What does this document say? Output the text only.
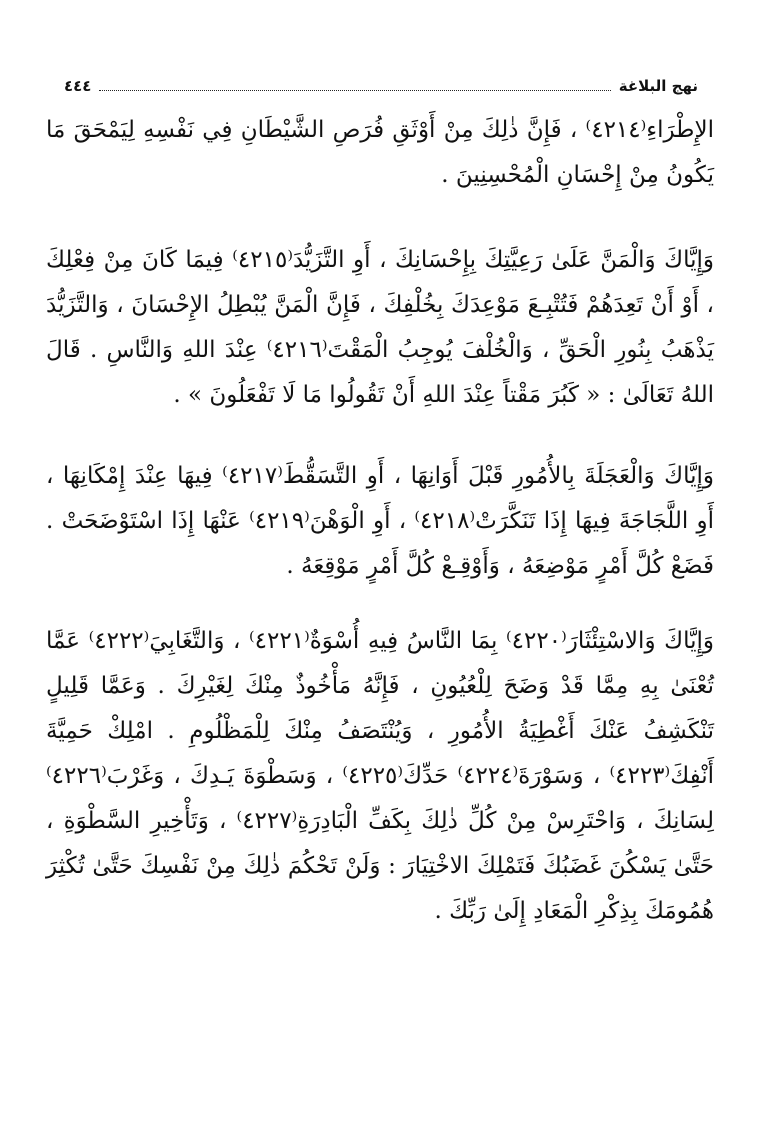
نهج البلاغة
٤٤٤

الإِطْرَاءِ⁽٤٢١٤⁾ ، فَإِنَّ ذٰلِكَ مِنْ أَوْثَقِ فُرَصِ الشَّيْطَانِ فِي نَفْسِهِ لِيَمْحَقَ مَا يَكُونُ مِنْ إِحْسَانِ الْمُحْسِنِينَ .

وَإِيَّاكَ وَالْمَنَّ عَلَىٰ رَعِيَّتِكَ بِإِحْسَانِكَ ، أَوِ التَّزَيُّدَ⁽٤٢١٥⁾ فِيمَا كَانَ مِنْ فِعْلِكَ ، أَوْ أَنْ تَعِدَهُمْ فَتُتْبِـعَ مَوْعِدَكَ بِخُلْفِكَ ، فَإِنَّ الْمَنَّ يُبْطِلُ الإِحْسَانَ ، وَالتَّزَيُّدَ يَذْهَبُ بِنُورِ الْحَقِّ ، وَالْخُلْفَ يُوجِبُ الْمَقْتَ⁽٤٢١٦⁾ عِنْدَ اللهِ وَالنَّاسِ . قَالَ اللهُ تَعَالَىٰ : « كَبُرَ مَقْتاً عِنْدَ اللهِ أَنْ تَقُولُوا مَا لَا تَفْعَلُونَ » .

وَإِيَّاكَ وَالْعَجَلَةَ بِالأُمُورِ قَبْلَ أَوَانِهَا ، أَوِ التَّسَقُّطَ⁽٤٢١٧⁾ فِيهَا عِنْدَ إِمْكَانِهَا ، أَوِ اللَّجَاجَةَ فِيهَا إِذَا تَنَكَّرَتْ⁽٤٢١٨⁾ ، أَوِ الْوَهْنَ⁽٤٢١٩⁾ عَنْهَا إِذَا اسْتَوْضَحَتْ . فَضَعْ كُلَّ أَمْرٍ مَوْضِعَهُ ، وَأَوْقِـعْ كُلَّ أَمْرٍ مَوْقِعَهُ .

وَإِيَّاكَ وَالاسْتِئْثَارَ⁽٤٢٢٠⁾ بِمَا النَّاسُ فِيهِ أُسْوَةٌ⁽٤٢٢١⁾ ، وَالتَّغَابِيَ⁽٤٢٢٢⁾ عَمَّا تُعْنَىٰ بِهِ مِمَّا قَدْ وَضَحَ لِلْعُيُونِ ، فَإِنَّهُ مَأْخُوذٌ مِنْكَ لِغَيْرِكَ . وَعَمَّا قَلِيلٍ تَنْكَشِفُ عَنْكَ أَغْطِيَةُ الأُمُورِ ، وَيُنْتَصَفُ مِنْكَ لِلْمَظْلُومِ . امْلِكْ حَمِيَّةَ أَنْفِكَ⁽٤٢٢٣⁾ ، وَسَوْرَةَ⁽٤٢٢٤⁾ حَدِّكَ⁽٤٢٢٥⁾ ، وَسَطْوَةَ يَـدِكَ ، وَغَرْبَ⁽٤٢٢٦⁾ لِسَانِكَ ، وَاحْتَرِسْ مِنْ كُلِّ ذٰلِكَ بِكَفِّ الْبَادِرَةِ⁽٤٢٢٧⁾ ، وَتَأْخِيرِ السَّطْوَةِ ، حَتَّىٰ يَسْكُنَ غَضَبُكَ فَتَمْلِكَ الاخْتِيَارَ : وَلَنْ تَحْكُمَ ذٰلِكَ مِنْ نَفْسِكَ حَتَّىٰ تُكْثِرَ هُمُومَكَ بِذِكْرِ الْمَعَادِ إِلَىٰ رَبِّكَ .
